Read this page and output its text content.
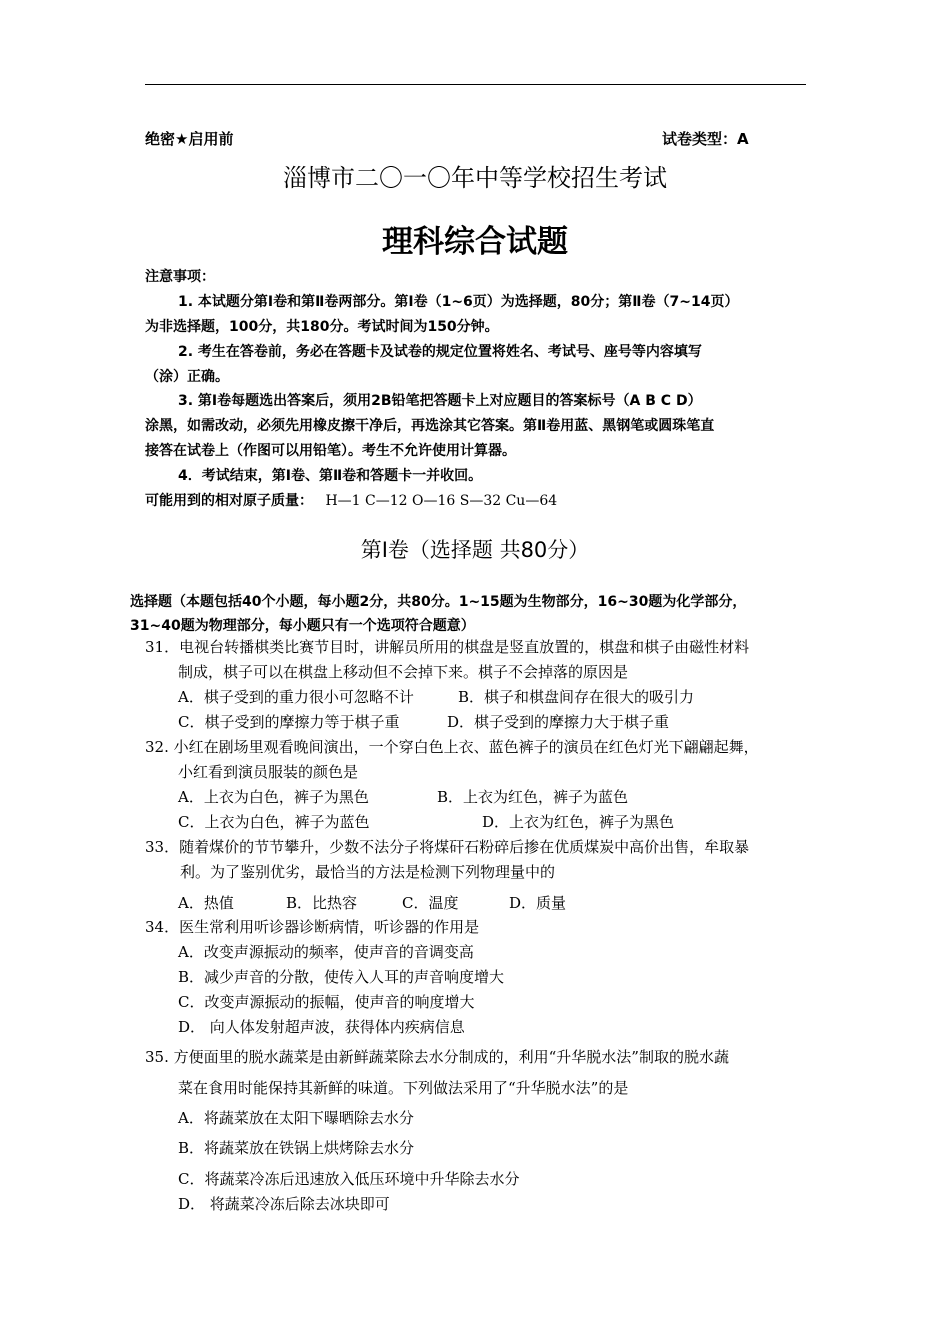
绝密★启用前	试卷类型：A
淄博市二〇一〇年中等学校招生考试
理科综合试题
注意事项：
1. 本试题分第Ⅰ卷和第Ⅱ卷两部分。第Ⅰ卷（1~6页）为选择题，80分；第Ⅱ卷（7~14页）
为非选择题，100分，共180分。考试时间为150分钟。
2. 考生在答卷前，务必在答题卡及试卷的规定位置将姓名、考试号、座号等内容填写
（涂）正确。
3. 第Ⅰ卷每题选出答案后，须用2B铅笔把答题卡上对应题目的答案标号（A B C D）
涂黑，如需改动，必须先用橡皮擦干净后，再选涂其它答案。第Ⅱ卷用蓝、黑钢笔或圆珠笔直
接答在试卷上（作图可以用铅笔）。考生不允许使用计算器。
4．考试结束，第Ⅰ卷、第Ⅱ卷和答题卡一并收回。
可能用到的相对原子质量： H—1 C—12 O—16 S—32 Cu—64
第Ⅰ卷（选择题 共80分）
选择题（本题包括40个小题，每小题2分，共80分。1~15题为生物部分，16~30题为化学部分，
31~40题为物理部分，每小题只有一个选项符合题意）
31．电视台转播棋类比赛节目时，讲解员所用的棋盘是竖直放置的，棋盘和棋子由磁性材料
制成，棋子可以在棋盘上移动但不会掉下来。棋子不会掉落的原因是
A．棋子受到的重力很小可忽略不计	B．棋子和棋盘间存在很大的吸引力
C．棋子受到的摩擦力等于棋子重	D．棋子受到的摩擦力大于棋子重
32. 小红在剧场里观看晚间演出，一个穿白色上衣、蓝色裤子的演员在红色灯光下翩翩起舞，
小红看到演员服装的颜色是
A．上衣为白色，裤子为黑色	B．上衣为红色，裤子为蓝色
C．上衣为白色，裤子为蓝色	D．上衣为红色，裤子为黑色
33．随着煤价的节节攀升，少数不法分子将煤矸石粉碎后掺在优质煤炭中高价出售，牟取暴
利。为了鉴别优劣，最恰当的方法是检测下列物理量中的
A．热值	B．比热容	C．温度	D．质量
34．医生常利用听诊器诊断病情，听诊器的作用是
A．改变声源振动的频率，使声音的音调变高
B．减少声音的分散，使传入人耳的声音响度增大
C．改变声源振动的振幅，使声音的响度增大
D． 向人体发射超声波，获得体内疾病信息
35. 方便面里的脱水蔬菜是由新鲜蔬菜除去水分制成的，利用“升华脱水法”制取的脱水蔬
菜在食用时能保持其新鲜的味道。下列做法采用了“升华脱水法”的是
A．将蔬菜放在太阳下曝晒除去水分
B．将蔬菜放在铁锅上烘烤除去水分
C．将蔬菜冷冻后迅速放入低压环境中升华除去水分
D． 将蔬菜冷冻后除去冰块即可
